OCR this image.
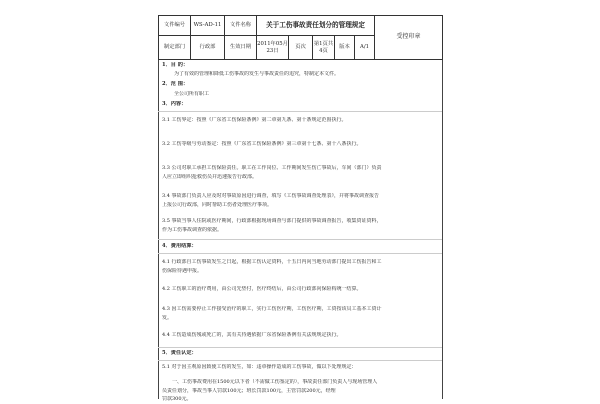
文件编号	WS-AD-11	文件名称	关于工伤事故责任划分的管理规定					受控印章
制定部门	行政部	生效日期	2011年05月23日	页次	第1页共4页	版本	A/1	
1．目 的：
为了有效的管理和降低工伤事故的发生与事故责任的追究，特制定本文件。
2．范 围：
全公司所有职工
3．内容：
3.1 工伤界定：按照《广东省工伤保险条例》第二章第九条、第十条规定范围执行。
3.2 工伤等级与劳动鉴定：按照《广东省工伤保险条例》第三章第十七条、第十八条执行。
3.3 公司对职工承担工伤保险责任。职工在工作岗位、工作期间发生伤亡事故后，车间（部门）负责
人应立即组织抢救伤员并迅速报告行政部。
3.4 事故部门负责人应及时对事故原因进行调查，填写《工伤事故调查处理表》，并将事故调查报告
上报公司行政部，同时帮助工伤者处理医疗事项。
3.5 事故当事人住院或医疗期间，行政部根据现场调查与部门提供的事故调查报告，收集资证资料，
作为工伤事故调查的依据。
4．费用结算：
4.1 行政部自工伤事故发生之日起，根据工伤认定资料，十五日内向当地劳动部门提出工伤报告和工
伤保险待遇申报。
4.2 工伤职工的治疗费用，由公司先垫付，医疗终结后，由公司行政部向保险构统一结算。
4.3 因工伤需要停止工作接受治疗的职工，实行工伤医疗期，工伤医疗期，工资按该员工基本工资计
发。
4.4 工伤造成伤残或死亡的，其有关待遇依据广东省保险条例有关法规规定执行。
5．责任认定：
5.1 对于因主观原因致使工伤的发生，如：违章操作造成的工伤事故，做以下处理规定：
一、工伤事故费用在1500元以下者（不需做工伤鉴定的），事故责任部门负责人与现场管理人
员责任划分，事故当事人罚款100元；班长罚款100元，主管罚款200元，经理
罚款300元。
